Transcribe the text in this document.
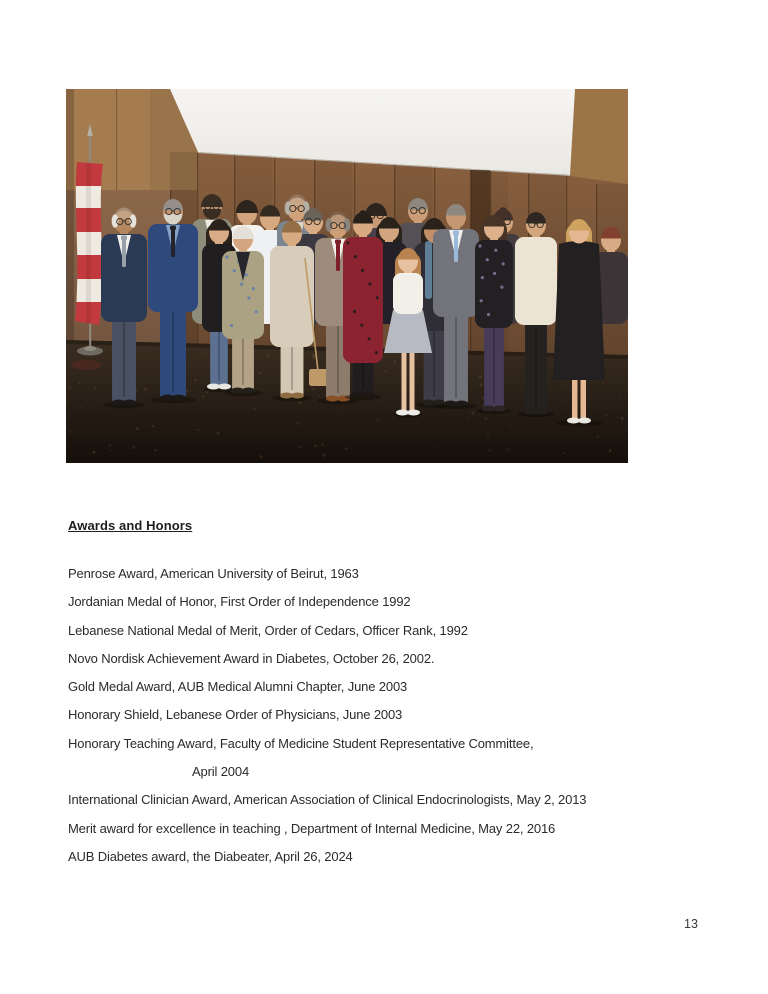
Awards and Honors
Penrose Award, American University of Beirut, 1963
Jordanian Medal of Honor, First Order of Independence 1992
Lebanese National Medal of Merit, Order of Cedars, Officer Rank, 1992
Novo Nordisk Achievement Award in Diabetes, October 26, 2002.
Gold Medal Award, AUB Medical Alumni Chapter, June 2003
Honorary Shield, Lebanese Order of Physicians, June 2003
Honorary Teaching Award, Faculty of Medicine Student Representative Committee,
April 2004
International Clinician Award, American Association of Clinical Endocrinologists, May 2, 2013
Merit award for excellence in teaching , Department of Internal Medicine, May 22, 2016
AUB Diabetes award, the Diabeater, April 26, 2024
13
